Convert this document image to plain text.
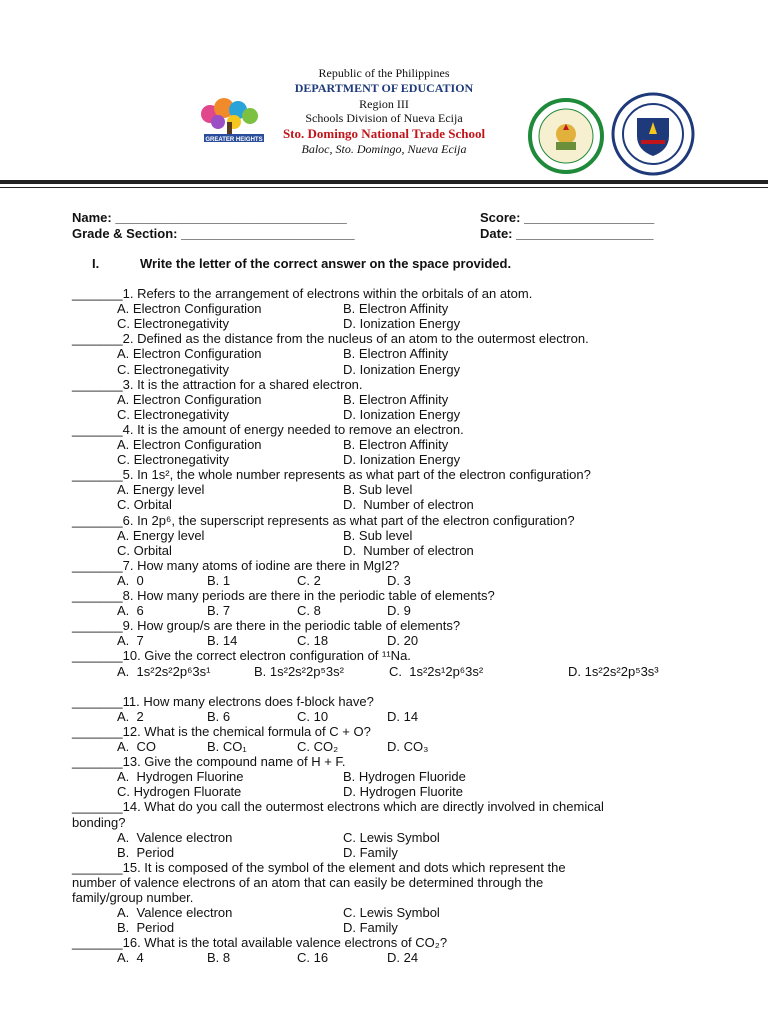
GREATER HEIGHTS
Republic of the Philippines
DEPARTMENT OF EDUCATION
Region III
Schools Division of Nueva Ecija
Sto. Domingo National Trade School
Baloc, Sto. Domingo, Nueva Ecija
Name: ________________________________
Grade & Section: ________________________
Score: __________________
Date: ___________________
I.	Write the letter of the correct answer on the space provided.
_______1. Refers to the arrangement of electrons within the orbitals of an atom.
A. Electron Configuration	B. Electron Affinity
C. Electronegativity	D. Ionization Energy
_______2. Defined as the distance from the nucleus of an atom to the outermost electron.
A. Electron Configuration	B. Electron Affinity
C. Electronegativity	D. Ionization Energy
_______3. It is the attraction for a shared electron.
A. Electron Configuration	B. Electron Affinity
C. Electronegativity	D. Ionization Energy
_______4. It is the amount of energy needed to remove an electron.
A. Electron Configuration	B. Electron Affinity
C. Electronegativity	D. Ionization Energy
_______5. In 1s², the whole number represents as what part of the electron configuration?
A. Energy level	B. Sub level
C. Orbital	D.  Number of electron
_______6. In 2p⁶, the superscript represents as what part of the electron configuration?
A. Energy level	B. Sub level
C. Orbital	D.  Number of electron
_______7. How many atoms of iodine are there in MgI2?
A.  0	B. 1	C. 2	D. 3
_______8. How many periods are there in the periodic table of elements?
A.  6	B. 7	C. 8	D. 9
_______9. How group/s are there in the periodic table of elements?
A.  7	B. 14	C. 18	D. 20
_______10. Give the correct electron configuration of ¹¹Na.
A.  1s²2s²2p⁶3s¹	B. 1s²2s²2p⁵3s²	C.  1s²2s¹2p⁶3s²	D. 1s²2s²2p⁵3s³
_______11. How many electrons does f-block have?
A.  2	B. 6	C. 10	D. 14
_______12. What is the chemical formula of C + O?
A.  CO	B. CO₁	C. CO₂	D. CO₃
_______13. Give the compound name of H + F.
A.  Hydrogen Fluorine	B. Hydrogen Fluoride
C. Hydrogen Fluorate	D. Hydrogen Fluorite
_______14. What do you call the outermost electrons which are directly involved in chemical
bonding?
A.  Valence electron	C. Lewis Symbol
B.  Period	D. Family
_______15. It is composed of the symbol of the element and dots which represent the
number of valence electrons of an atom that can easily be determined through the
family/group number.
A.  Valence electron	C. Lewis Symbol
B.  Period	D. Family
_______16. What is the total available valence electrons of CO₂?
A.  4	B. 8	C. 16	D. 24
